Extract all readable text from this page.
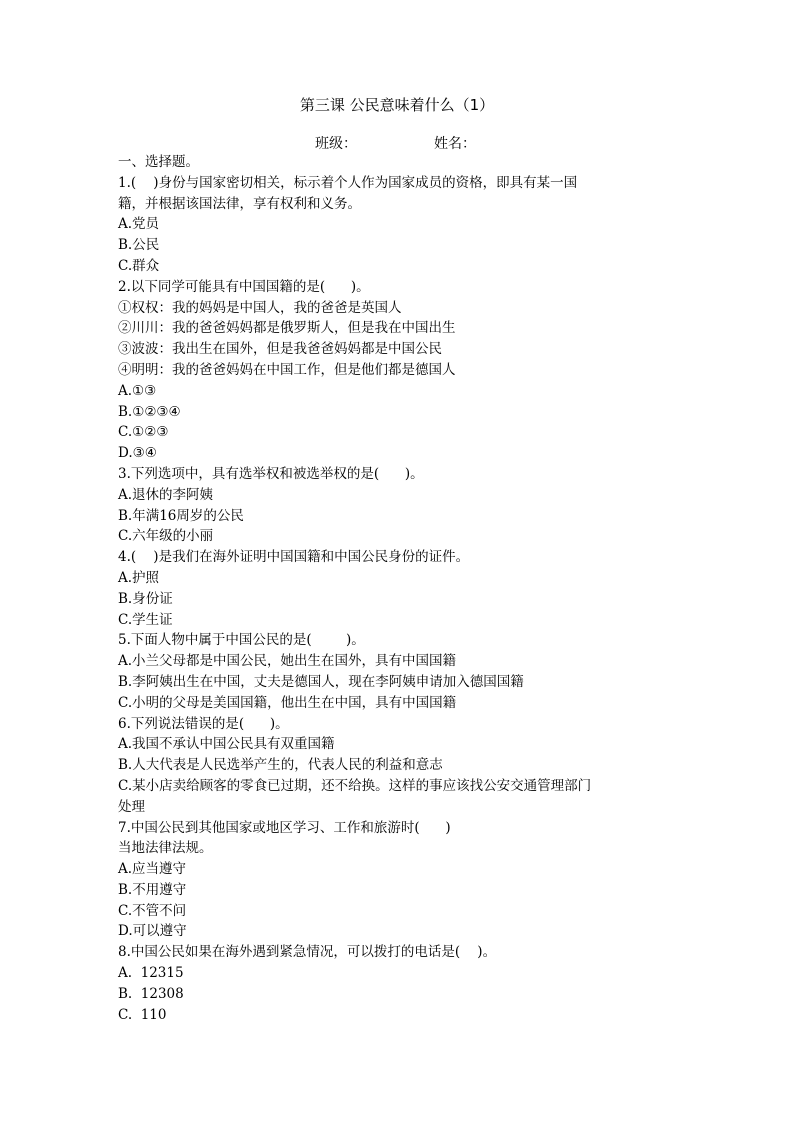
第三课 公民意味着什么（1）
班级：	姓名：
一、选择题。
1.(    )身份与国家密切相关，标示着个人作为国家成员的资格，即具有某一国
籍，并根据该国法律，享有权利和义务。
A.党员
B.公民
C.群众
2.以下同学可能具有中国国籍的是(      )。
①权权：我的妈妈是中国人，我的爸爸是英国人
②川川：我的爸爸妈妈都是俄罗斯人，但是我在中国出生
③波波：我出生在国外，但是我爸爸妈妈都是中国公民
④明明：我的爸爸妈妈在中国工作，但是他们都是德国人
A.①③
B.①②③④
C.①②③
D.③④
3.下列选项中，具有选举权和被选举权的是(      )。
A.退休的李阿姨
B.年满16周岁的公民
C.六年级的小丽
4.(    )是我们在海外证明中国国籍和中国公民身份的证件。
A.护照
B.身份证
C.学生证
5.下面人物中属于中国公民的是(        )。
A.小兰父母都是中国公民，她出生在国外，具有中国国籍
B.李阿姨出生在中国，丈夫是德国人，现在李阿姨申请加入德国国籍
C.小明的父母是美国国籍，他出生在中国，具有中国国籍
6.下列说法错误的是(      )。
A.我国不承认中国公民具有双重国籍
B.人大代表是人民选举产生的，代表人民的利益和意志
C.某小店卖给顾客的零食已过期，还不给换。这样的事应该找公安交通管理部门
处理
7.中国公民到其他国家或地区学习、工作和旅游时(      )
当地法律法规。
A.应当遵守
B.不用遵守
C.不管不问
D.可以遵守
8.中国公民如果在海外遇到紧急情况，可以拨打的电话是(    )。
A.  12315
B.  12308
C.  110
